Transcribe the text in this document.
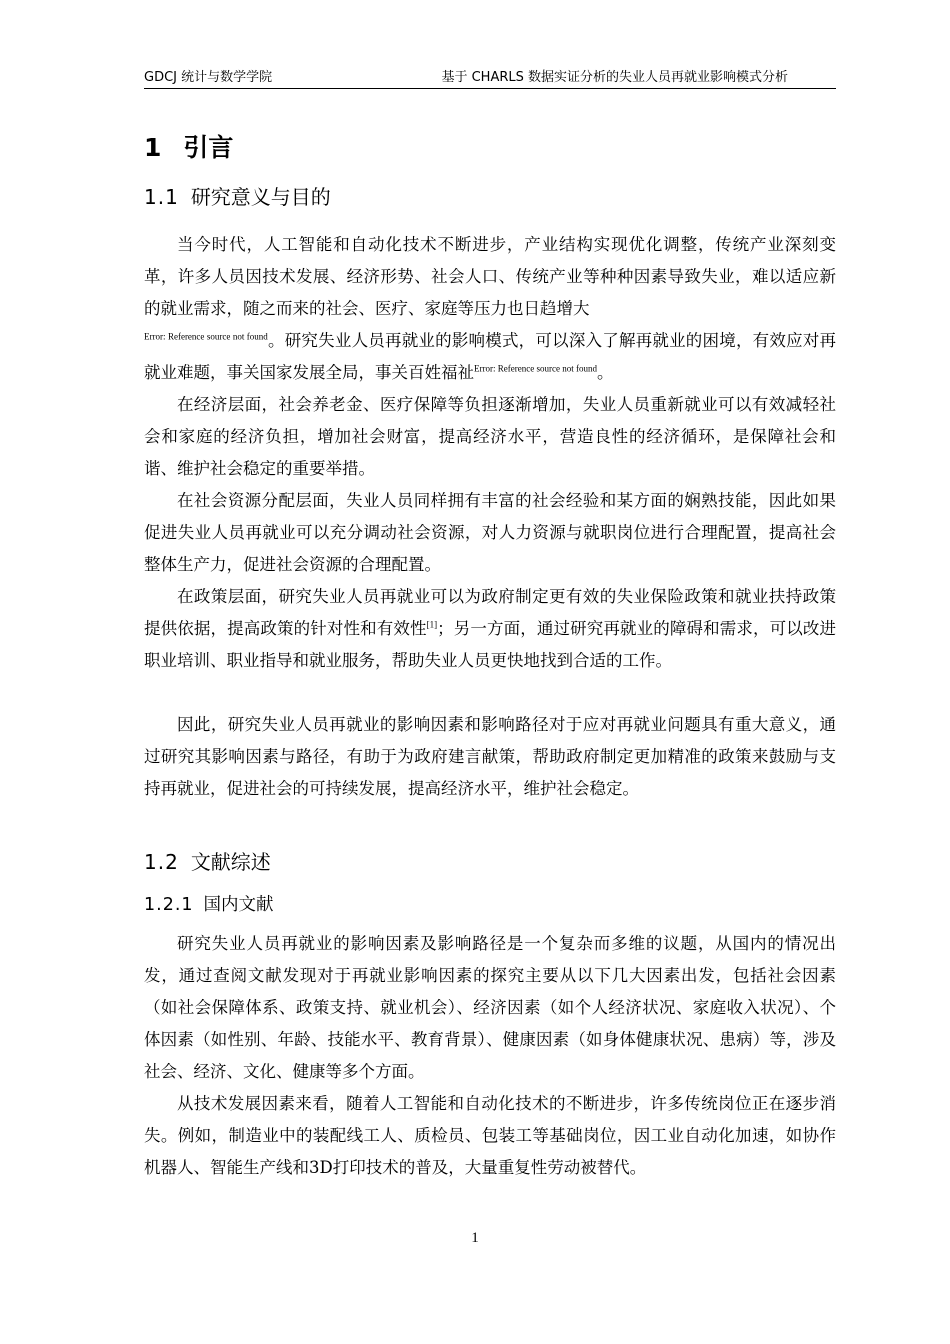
GDCJ 统计与数学学院	基于 CHARLS 数据实证分析的失业人员再就业影响模式分析
1 引言
1.1 研究意义与目的

当今时代，人工智能和自动化技术不断进步，产业结构实现优化调整，传统产业深刻变革，许多人员因技术发展、经济形势、社会人口、传统产业等种种因素导致失业，难以适应新的就业需求，随之而来的社会、医疗、家庭等压力也日趋增大
$^{Error: Reference source not found}$。研究失业人员再就业的影响模式，可以深入了解再就业的困境，有效应对再就业难题，事关国家发展全局，事关百姓福祉$^{Error: Reference source not found}$。

在经济层面，社会养老金、医疗保障等负担逐渐增加，失业人员重新就业可以有效减轻社会和家庭的经济负担，增加社会财富，提高经济水平，营造良性的经济循环，是保障社会和谐、维护社会稳定的重要举措。

在社会资源分配层面，失业人员同样拥有丰富的社会经验和某方面的娴熟技能，因此如果促进失业人员再就业可以充分调动社会资源，对人力资源与就职岗位进行合理配置，提高社会整体生产力，促进社会资源的合理配置。

在政策层面，研究失业人员再就业可以为政府制定更有效的失业保险政策和就业扶持政策提供依据，提高政策的针对性和有效性[1]；另一方面，通过研究再就业的障碍和需求，可以改进职业培训、职业指导和就业服务，帮助失业人员更快地找到合适的工作。

因此，研究失业人员再就业的影响因素和影响路径对于应对再就业问题具有重大意义，通过研究其影响因素与路径，有助于为政府建言献策，帮助政府制定更加精准的政策来鼓励与支持再就业，促进社会的可持续发展，提高经济水平，维护社会稳定。

1.2 文献综述
1.2.1 国内文献

研究失业人员再就业的影响因素及影响路径是一个复杂而多维的议题，从国内的情况出发，通过查阅文献发现对于再就业影响因素的探究主要从以下几大因素出发，包括社会因素（如社会保障体系、政策支持、就业机会）、经济因素（如个人经济状况、家庭收入状况）、个体因素（如性别、年龄、技能水平、教育背景）、健康因素（如身体健康状况、患病）等，涉及社会、经济、文化、健康等多个方面。

从技术发展因素来看，随着人工智能和自动化技术的不断进步，许多传统岗位正在逐步消失。例如，制造业中的装配线工人、质检员、包装工等基础岗位，因工业自动化加速，如协作机器人、智能生产线和3D打印技术的普及，大量重复性劳动被替代。

1
